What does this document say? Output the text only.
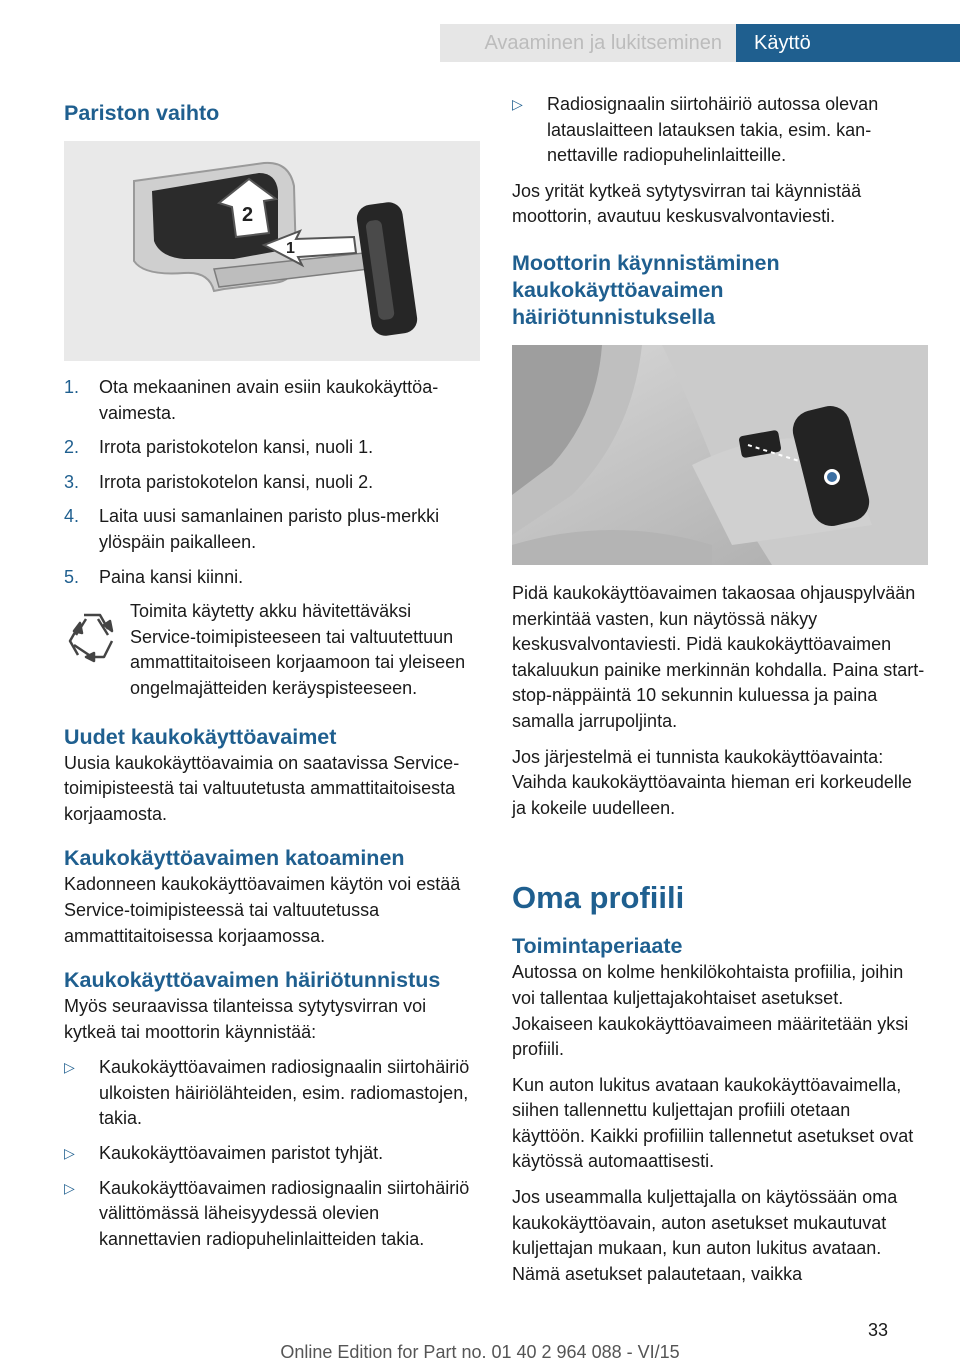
Avaaminen ja lukitseminen	Käyttö
Pariston vaihto
2
1
1. Ota mekaaninen avain esiin kaukokäyttöavaimesta.
2. Irrota paristokotelon kansi, nuoli 1.
3. Irrota paristokotelon kansi, nuoli 2.
4. Laita uusi samanlainen paristo plus-merkki ylöspäin paikalleen.
5. Paina kansi kiinni.

Toimita käytetty akku hävitettäväksi Service-toimipisteeseen tai valtuutettuun ammattitaitoiseen korjaamoon tai yleiseen ongelmajätteiden keräyspisteeseen.

Uudet kaukokäyttöavaimet

Uusia kaukokäyttöavaimia on saatavissa Service-toimipisteestä tai valtuutetusta ammattitaitoisesta korjaamosta.

Kaukokäyttöavaimen katoaminen

Kadonneen kaukokäyttöavaimen käytön voi estää Service-toimipisteessä tai valtuutetussa ammattitaitoisessa korjaamossa.

Kaukokäyttöavaimen häiriötunnistus

Myös seuraavissa tilanteissa sytytysvirran voi kytkeä tai moottorin käynnistää:

▷ Kaukokäyttöavaimen radiosignaalin siirtohäiriö ulkoisten häiriölähteiden, esim. radiomastojen, takia.
▷ Kaukokäyttöavaimen paristot tyhjät.
▷ Kaukokäyttöavaimen radiosignaalin siirtohäiriö välittömässä läheisyydessä olevien kannettavien radiopuhelinlaitteiden takia.
▷ Radiosignaalin siirtohäiriö autossa olevan latauslaitteen latauksen takia, esim. kannettaville radiopuhelinlaitteille.

Jos yrität kytkeä sytytysvirran tai käynnistää moottorin, avautuu keskusvalvontaviesti.

Moottorin käynnistäminen kaukokäyttöavaimen häiriötunnistuksella

Pidä kaukokäyttöavaimen takaosaa ohjauspylvään merkintää vasten, kun näytössä näkyy keskusvalvontaviesti. Pidä kaukokäyttöavaimen takaluukun painike merkinnän kohdalla. Paina start-stop-näppäintä 10 sekunnin kuluessa ja paina samalla jarrupoljinta.

Jos järjestelmä ei tunnista kaukokäyttöavainta: Vaihda kaukokäyttöavainta hieman eri korkeudelle ja kokeile uudelleen.

Oma profiili
Toimintaperiaate

Autossa on kolme henkilökohtaista profiilia, joihin voi tallentaa kuljettajakohtaiset asetukset. Jokaiseen kaukokäyttöavaimeen määritetään yksi profiili.

Kun auton lukitus avataan kaukokäyttöavaimella, siihen tallennettu kuljettajan profiili otetaan käyttöön. Kaikki profiiliin tallennetut asetukset ovat käytössä automaattisesti.

Jos useammalla kuljettajalla on käytössään oma kaukokäyttöavain, auton asetukset mukautuvat kuljettajan mukaan, kun auton lukitus avataan. Nämä asetukset palautetaan, vaikka

33
Online Edition for Part no. 01 40 2 964 088 - VI/15
